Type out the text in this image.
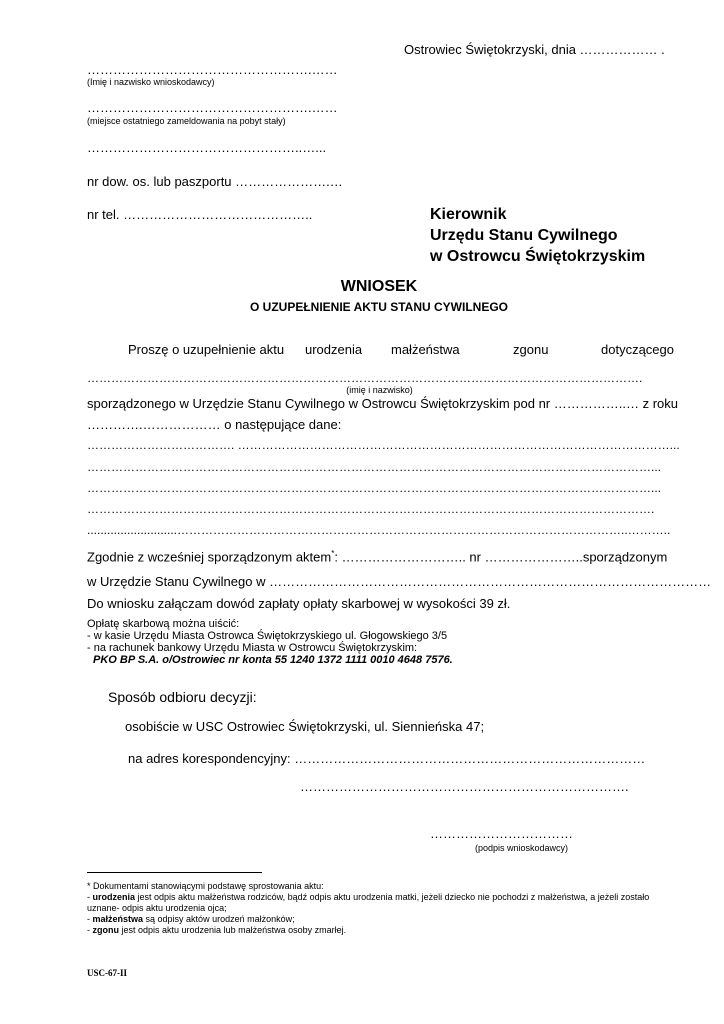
Ostrowiec Świętokrzyski, dnia ……………… .
…………………………………………….……
(Imię i nazwisko wnioskodawcy)
…………………………………………….……
(miejsce ostatniego zameldowania na pobyt stały)
…………………………………………..…...
nr dow. os. lub paszportu ………………….…
nr tel. ……………………………………..	Kierownik
Urzędu Stanu Cywilnego
w Ostrowcu Świętokrzyskim
WNIOSEK
O UZUPEŁNIENIE AKTU STANU CYWILNEGO
Proszę o uzupełnienie aktu urodzenia małżeństwa	zgonu	dotyczącego
………………………………………………………………………………………………………………………….
(imię i nazwisko)
sporządzonego w Urzędzie Stanu Cywilnego w Ostrowcu Świętokrzyskim pod nr ……………..… z roku
………….……………… o następujące dane:
………………………………. ………………………………………………………………………………………………...
……………………………………………………………………………………………………………………………...
……………………………………………………………………………………………………………………………...
…………………………………………………………………………………………………………………………….
...........................…………………………………………………………………………………………………..………..
Zgodnie z wcześniej sporządzonym aktem*: ……………………….. nr …………………..sporządzonym
w Urzędzie Stanu Cywilnego w …………………………………………………………………………………………
Do wniosku załączam dowód zapłaty opłaty skarbowej w wysokości 39 zł.
Opłatę skarbową można uiścić:
- w kasie Urzędu Miasta Ostrowca Świętokrzyskiego ul. Głogowskiego 3/5
- na rachunek bankowy Urzędu Miasta w Ostrowcu Świętokrzyskim:
PKO BP S.A. o/Ostrowiec nr konta 55 1240 1372 1111 0010 4648 7576.
Sposób odbioru decyzji:
osobiście w USC Ostrowiec Świętokrzyski, ul. Siennieńska 47;
na adres korespondencyjny: ………………………………………………………………………
………………………………………………………………….
……………………………
(podpis wnioskodawcy)
* Dokumentami stanowiącymi podstawę sprostowania aktu:
- urodzenia jest odpis aktu małżeństwa rodziców, bądź odpis aktu urodzenia matki, jeżeli dziecko nie pochodzi z małżeństwa, a jeżeli zostało uznane- odpis aktu urodzenia ojca;
- małżeństwa są odpisy aktów urodzeń małżonków;
- zgonu jest odpis aktu urodzenia lub małżeństwa osoby zmarłej.
USC-67-II
